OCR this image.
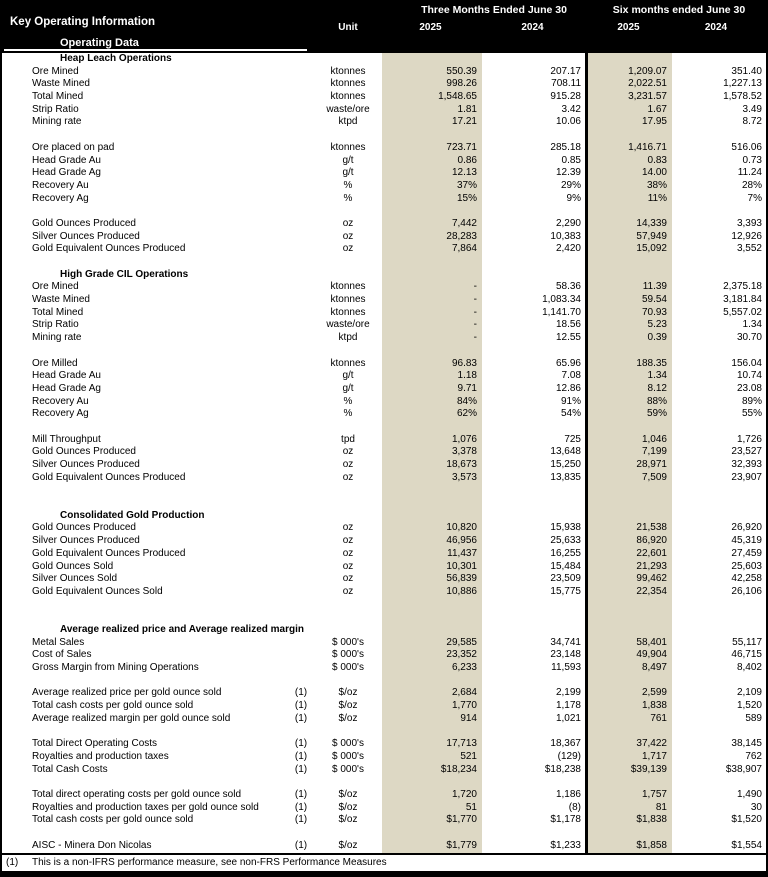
Key Operating Information
Operating Data
Three Months Ended June 30	Six months ended June 30
Unit	2025	2024	2025	2024
Heap Leach Operations
Ore Mined	ktonnes	550.39	207.17	1,209.07	351.40
Waste Mined	ktonnes	998.26	708.11	2,022.51	1,227.13
Total Mined	ktonnes	1,548.65	915.28	3,231.57	1,578.52
Strip Ratio	waste/ore	1.81	3.42	1.67	3.49
Mining rate	ktpd	17.21	10.06	17.95	8.72
Ore placed on pad	ktonnes	723.71	285.18	1,416.71	516.06
Head Grade Au	g/t	0.86	0.85	0.83	0.73
Head Grade Ag	g/t	12.13	12.39	14.00	11.24
Recovery Au	%	37%	29%	38%	28%
Recovery Ag	%	15%	9%	11%	7%
Gold Ounces Produced	oz	7,442	2,290	14,339	3,393
Silver Ounces Produced	oz	28,283	10,383	57,949	12,926
Gold Equivalent Ounces Produced	oz	7,864	2,420	15,092	3,552
High Grade CIL Operations
Ore Mined	ktonnes	-	58.36	11.39	2,375.18
Waste Mined	ktonnes	-	1,083.34	59.54	3,181.84
Total Mined	ktonnes	-	1,141.70	70.93	5,557.02
Strip Ratio	waste/ore	-	18.56	5.23	1.34
Mining rate	ktpd	-	12.55	0.39	30.70
Ore Milled	ktonnes	96.83	65.96	188.35	156.04
Head Grade Au	g/t	1.18	7.08	1.34	10.74
Head Grade Ag	g/t	9.71	12.86	8.12	23.08
Recovery Au	%	84%	91%	88%	89%
Recovery Ag	%	62%	54%	59%	55%
Mill Throughput	tpd	1,076	725	1,046	1,726
Gold Ounces Produced	oz	3,378	13,648	7,199	23,527
Silver Ounces Produced	oz	18,673	15,250	28,971	32,393
Gold Equivalent Ounces Produced	oz	3,573	13,835	7,509	23,907
Consolidated Gold Production
Gold Ounces Produced	oz	10,820	15,938	21,538	26,920
Silver Ounces Produced	oz	46,956	25,633	86,920	45,319
Gold Equivalent Ounces Produced	oz	11,437	16,255	22,601	27,459
Gold Ounces Sold	oz	10,301	15,484	21,293	25,603
Silver Ounces Sold	oz	56,839	23,509	99,462	42,258
Gold Equivalent Ounces Sold	oz	10,886	15,775	22,354	26,106
Average realized price and Average realized margin
Metal Sales	$ 000's	29,585	34,741	58,401	55,117
Cost of Sales	$ 000's	23,352	23,148	49,904	46,715
Gross Margin from Mining Operations	$ 000's	6,233	11,593	8,497	8,402
Average realized price per gold ounce sold	(1)	$/oz	2,684	2,199	2,599	2,109
Total cash costs per gold ounce sold	(1)	$/oz	1,770	1,178	1,838	1,520
Average realized margin per gold ounce sold	(1)	$/oz	914	1,021	761	589
Total Direct Operating Costs	(1)	$ 000's	17,713	18,367	37,422	38,145
Royalties and production taxes	(1)	$ 000's	521	(129)	1,717	762
Total Cash Costs	(1)	$ 000's	$18,234	$18,238	$39,139	$38,907
Total direct operating costs per gold ounce sold	(1)	$/oz	1,720	1,186	1,757	1,490
Royalties and production taxes per gold ounce sold	(1)	$/oz	51	(8)	81	30
Total cash costs per gold ounce sold	(1)	$/oz	$1,770	$1,178	$1,838	$1,520
AISC - Minera Don Nicolas	(1)	$/oz	$1,779	$1,233	$1,858	$1,554
(1) This is a non-IFRS performance measure, see non-FRS Performance Measures
